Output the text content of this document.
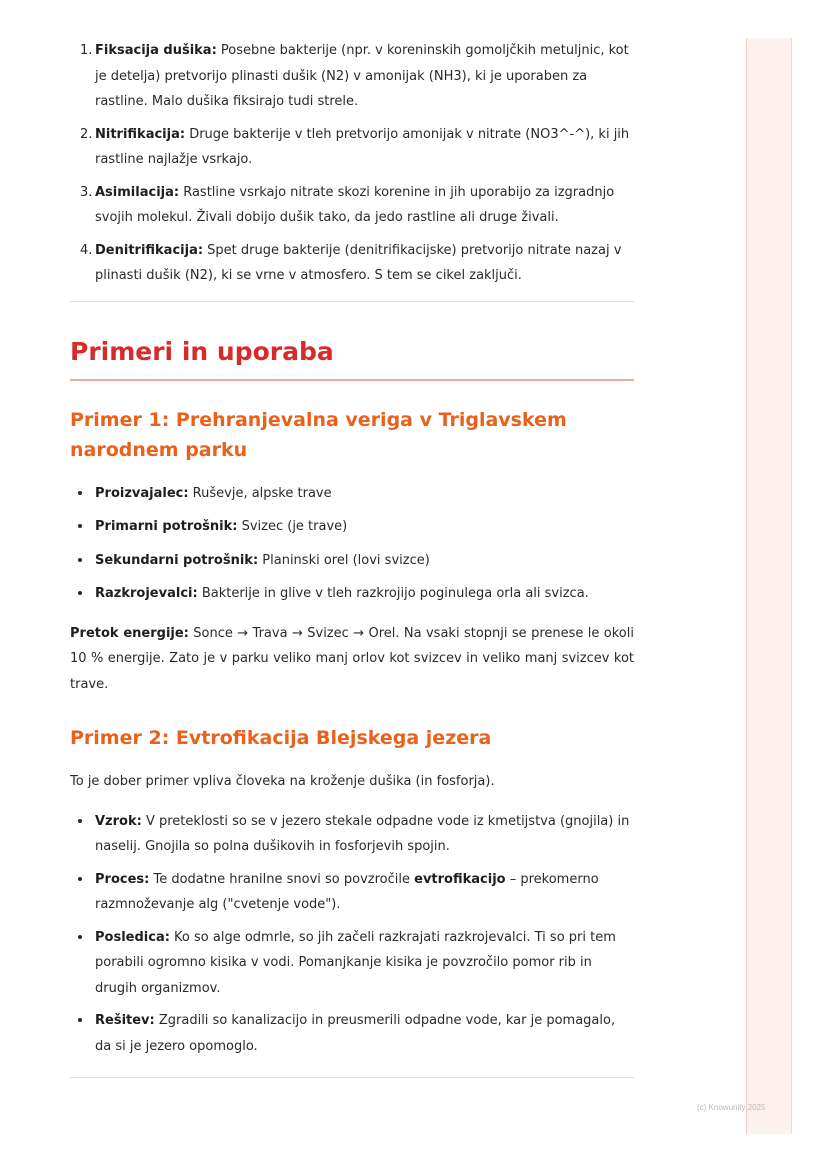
1. Fiksacija dušika: Posebne bakterije (npr. v koreninskih gomoljčkih metuljnic, kot je detelja) pretvorijo plinasti dušik (N2) v amonijak (NH3), ki je uporaben za rastline. Malo dušika fiksirajo tudi strele.
2. Nitrifikacija: Druge bakterije v tleh pretvorijo amonijak v nitrate (NO3^-^), ki jih rastline najlažje vsrkajo.
3. Asimilacija: Rastline vsrkajo nitrate skozi korenine in jih uporabijo za izgradnjo svojih molekul. Živali dobijo dušik tako, da jedo rastline ali druge živali.
4. Denitrifikacija: Spet druge bakterije (denitrifikacijske) pretvorijo nitrate nazaj v plinasti dušik (N2), ki se vrne v atmosfero. S tem se cikel zaključi.
Primeri in uporaba
Primer 1: Prehranjevalna veriga v Triglavskem narodnem parku
Proizvajalec: Ruševje, alpske trave
Primarni potrošnik: Svizec (je trave)
Sekundarni potrošnik: Planinski orel (lovi svizce)
Razkrojevalci: Bakterije in glive v tleh razkrojijo poginulega orla ali svizca.

Pretok energije: Sonce → Trava → Svizec → Orel. Na vsaki stopnji se prenese le okoli 10 % energije. Zato je v parku veliko manj orlov kot svizcev in veliko manj svizcev kot trave.

Primer 2: Evtrofikacija Blejskega jezera

To je dober primer vpliva človeka na kroženje dušika (in fosforja).

Vzrok: V preteklosti so se v jezero stekale odpadne vode iz kmetijstva (gnojila) in naselij. Gnojila so polna dušikovih in fosforjevih spojin.
Proces: Te dodatne hranilne snovi so povzročile evtrofikacijo – prekomerno razmnoževanje alg ("cvetenje vode").
Posledica: Ko so alge odmrle, so jih začeli razkrajati razkrojevalci. Ti so pri tem porabili ogromno kisika v vodi. Pomanjkanje kisika je povzročilo pomor rib in drugih organizmov.
Rešitev: Zgradili so kanalizacijo in preusmerili odpadne vode, kar je pomagalo, da si je jezero opomoglo.
(c) Knowunity 2025
